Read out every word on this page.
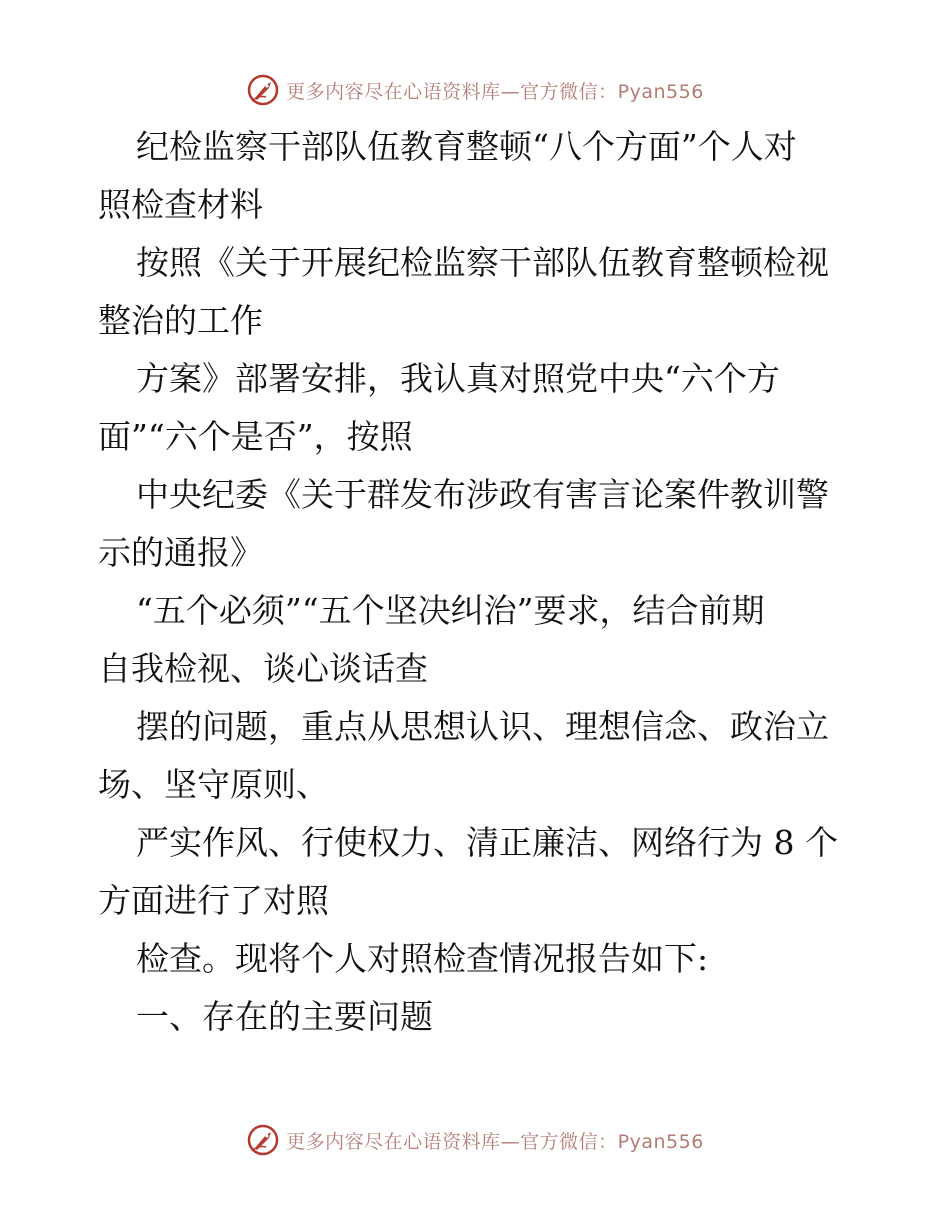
更多内容尽在心语资料库—官方微信：Pyan556
纪检监察干部队伍教育整顿“八个方面”个人对
照检查材料
按照《关于开展纪检监察干部队伍教育整顿检视
整治的工作
方案》部署安排，我认真对照党中央“六个方
面”“六个是否”，按照
中央纪委《关于群发布涉政有害言论案件教训警
示的通报》
“五个必须”“五个坚决纠治”要求，结合前期
自我检视、谈心谈话查
摆的问题，重点从思想认识、理想信念、政治立
场、坚守原则、
严实作风、行使权力、清正廉洁、网络行为 8 个
方面进行了对照
检查。现将个人对照检查情况报告如下:
一、存在的主要问题
更多内容尽在心语资料库—官方微信：Pyan556
